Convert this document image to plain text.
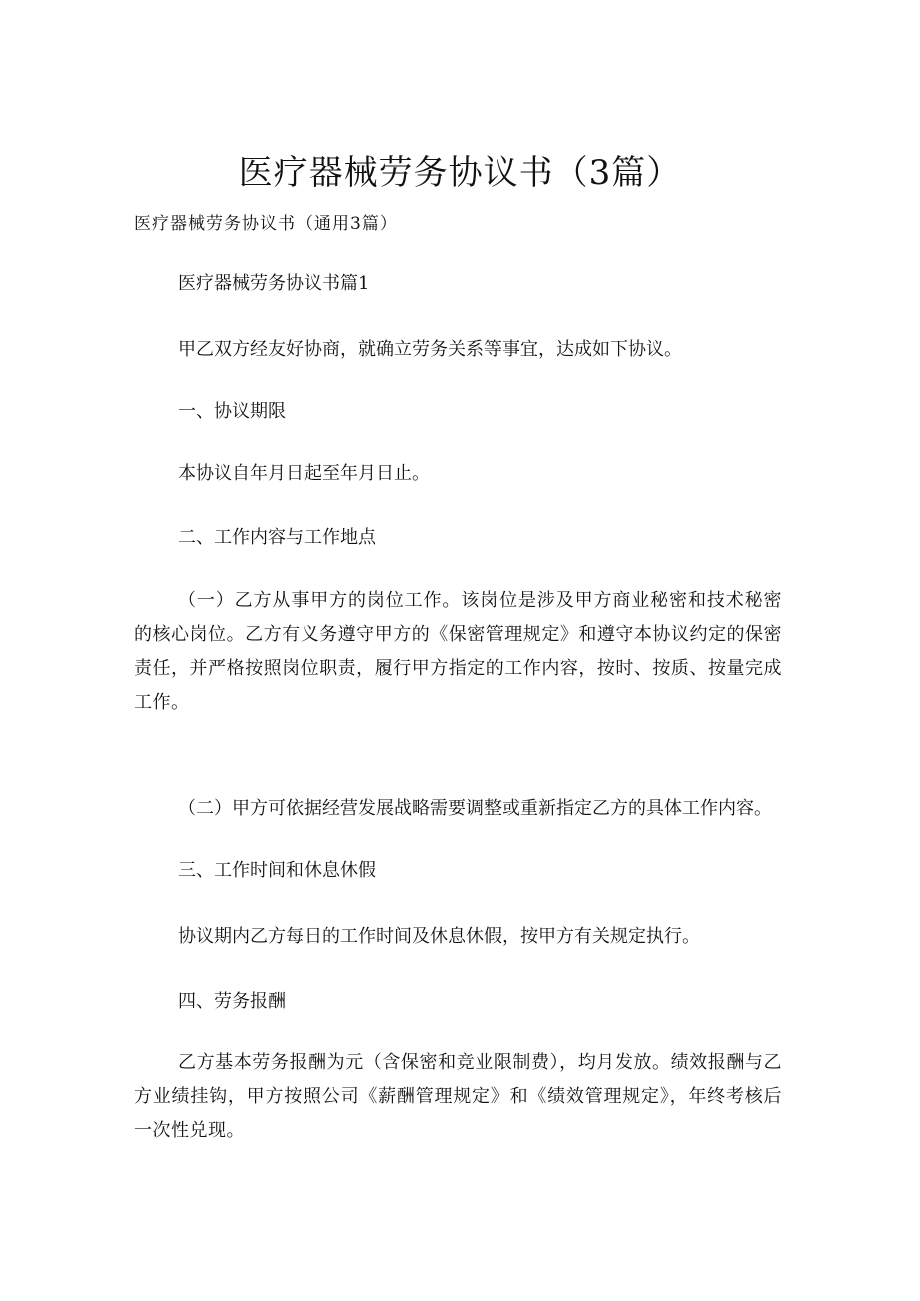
医疗器械劳务协议书（3篇）

医疗器械劳务协议书（通用3篇）

医疗器械劳务协议书篇1

甲乙双方经友好协商，就确立劳务关系等事宜，达成如下协议。

一、协议期限

本协议自年月日起至年月日止。

二、工作内容与工作地点

（一）乙方从事甲方的岗位工作。该岗位是涉及甲方商业秘密和技术秘密的核心岗位。乙方有义务遵守甲方的《保密管理规定》和遵守本协议约定的保密责任，并严格按照岗位职责，履行甲方指定的工作内容，按时、按质、按量完成工作。

（二）甲方可依据经营发展战略需要调整或重新指定乙方的具体工作内容。

三、工作时间和休息休假

协议期内乙方每日的工作时间及休息休假，按甲方有关规定执行。

四、劳务报酬

乙方基本劳务报酬为元（含保密和竞业限制费），均月发放。绩效报酬与乙方业绩挂钩，甲方按照公司《薪酬管理规定》和《绩效管理规定》，年终考核后一次性兑现。
